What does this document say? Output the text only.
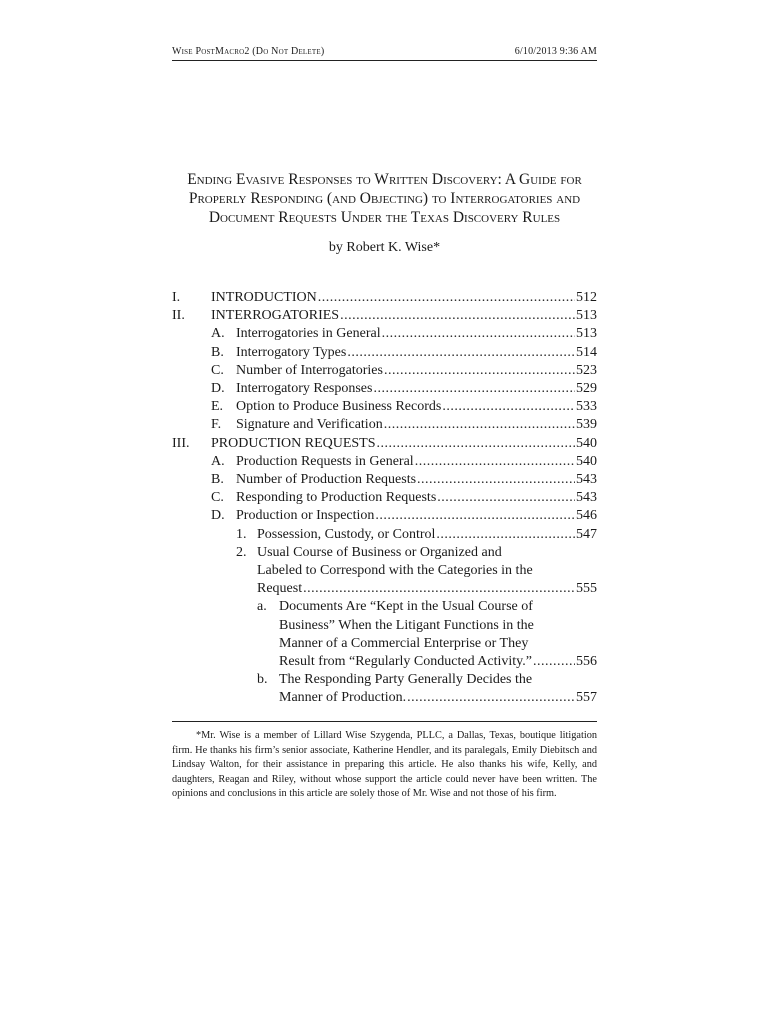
Wise PostMacro2 (Do Not Delete)	6/10/2013 9:36 AM
Ending Evasive Responses to Written Discovery: A Guide for
Properly Responding (and Objecting) to Interrogatories and
Document Requests Under the Texas Discovery Rules
by Robert K. Wise*
I.	INTRODUCTION .....	512
II.	INTERROGATORIES .....	513
A. Interrogatories in General .....	513
B. Interrogatory Types .....	514
C. Number of Interrogatories .....	523
D. Interrogatory Responses .....	529
E. Option to Produce Business Records .....	533
F.	Signature and Verification .....	539
III.	PRODUCTION REQUESTS .....	540
A. Production Requests in General .....	540
B. Number of Production Requests .....	543
C. Responding to Production Requests .....	543
D. Production or Inspection .....	546
1. Possession, Custody, or Control .....	547
2. Usual Course of Business or Organized and
Labeled to Correspond with the Categories in the
Request .....	555
a. Documents Are “Kept in the Usual Course of
Business” When the Litigant Functions in the
Manner of a Commercial Enterprise or They
Result from “Regularly Conducted Activity.” .....	556
b. The Responding Party Generally Decides the
Manner of Production. .....	557
*Mr. Wise is a member of Lillard Wise Szygenda, PLLC, a Dallas, Texas, boutique litigation firm. He thanks his firm’s senior associate, Katherine Hendler, and its paralegals, Emily Diebitsch and Lindsay Walton, for their assistance in preparing this article. He also thanks his wife, Kelly, and daughters, Reagan and Riley, without whose support the article could never have been written. The opinions and conclusions in this article are solely those of Mr. Wise and not those of his firm.
